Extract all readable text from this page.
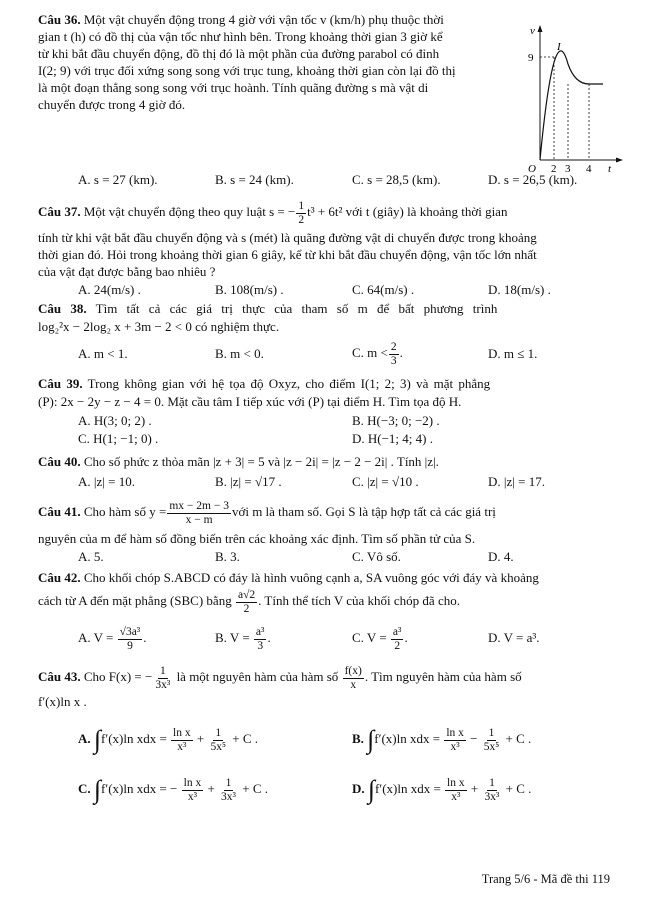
Câu 36. Một vật chuyển động trong 4 giờ với vận tốc v (km/h) phụ thuộc thời
gian t (h) có đồ thị của vận tốc như hình bên. Trong khoảng thời gian 3 giờ kể
từ khi bắt đầu chuyển động, đồ thị đó là một phần của đường parabol có đỉnh
I(2; 9) với trục đối xứng song song với trục tung, khoảng thời gian còn lại đồ thị
là một đoạn thẳng song song với trục hoành. Tính quãng đường s mà vật di
chuyển được trong 4 giờ đó.
v
I
9
O 2 3 4 t
A. s = 27 (km).	B. s = 24 (km).	C. s = 28,5 (km).	D. s = 26,5 (km).
Câu 37. Một vật chuyển động theo quy luật s = − $\frac{1}{2} t^3 + 6t^2$ với t (giây) là khoảng thời gian
tính từ khi vật bắt đầu chuyển động và s (mét) là quãng đường vật di chuyển được trong khoảng
thời gian đó. Hỏi trong khoảng thời gian 6 giây, kể từ khi bắt đầu chuyển động, vận tốc lớn nhất
của vật đạt được bằng bao nhiêu ?
A. 24(m/s) .	B. 108(m/s) .	C. 64(m/s) .	D. 18(m/s) .
Câu 38. Tìm tất cả các giá trị thực của tham số m để bất phương trình
log₂²x − 2log₂ x + 3m − 2 < 0 có nghiệm thực.
A. m < 1.	B. m < 0.	C. $m < \frac{2}{3}$ .	D. m ≤ 1.
Câu 39. Trong không gian với hệ tọa độ Oxyz, cho điểm I(1; 2; 3) và mặt phẳng
(P): 2x − 2y − z − 4 = 0. Mặt cầu tâm I tiếp xúc với (P) tại điểm H. Tìm tọa độ H.
A. H(3; 0; 2) .	B. H(−3; 0; −2) .
C. H(1; −1; 0) .	D. H(−1; 4; 4) .
Câu 40. Cho số phức z thỏa mãn |z + 3| = 5 và |z − 2i| = |z − 2 − 2i| . Tính |z|.
A. |z| = 10.	B. |z| = √17 .	C. |z| = √10 .	D. |z| = 17.
Câu 41. Cho hàm số $y = \frac{mx - 2m - 3}{x - m}$ với m là tham số. Gọi S là tập hợp tất cả các giá trị
nguyên của m để hàm số đồng biến trên các khoảng xác định. Tìm số phần tử của S.
A. 5.	B. 3.	C. Vô số.	D. 4.
Câu 42. Cho khối chóp S.ABCD có đáy là hình vuông cạnh a, SA vuông góc với đáy và khoảng
cách từ A đến mặt phẳng (SBC) bằng $\frac{a√2}{2}$ . Tính thể tích V của khối chóp đã cho.
A. $V = \frac{\text{√3a³}}{9}$ .	B. $V = \frac{\text{a³}}{3}$ .	C. $V = \frac{\text{a³}}{2}$ .	D. V = a³.
Câu 43. Cho F(x) = − $\frac{1}{\text{3x³}}$ là một nguyên hàm của hàm số $\frac{f(x)}{x}$ . Tìm nguyên hàm của hàm số
f′(x)ln x .
A. ∫f′(x)ln xdx = $\frac{\text{ln x}}{\text{x³}} + \frac{1}{\text{5x⁵}} + C$ .	B. ∫f′(x)ln xdx = $\frac{\text{ln x}}{\text{x³}} - \frac{1}{\text{5x⁵}} + C$ .
C. ∫f′(x)ln xdx = − $\frac{\text{ln x}}{\text{x³}} + \frac{1}{\text{3x³}} + C$ .	D. ∫f′(x)ln xdx = $\frac{\text{ln x}}{\text{x³}} + \frac{1}{\text{3x³}} + C$ .
Trang 5/6 - Mã đề thi 119
